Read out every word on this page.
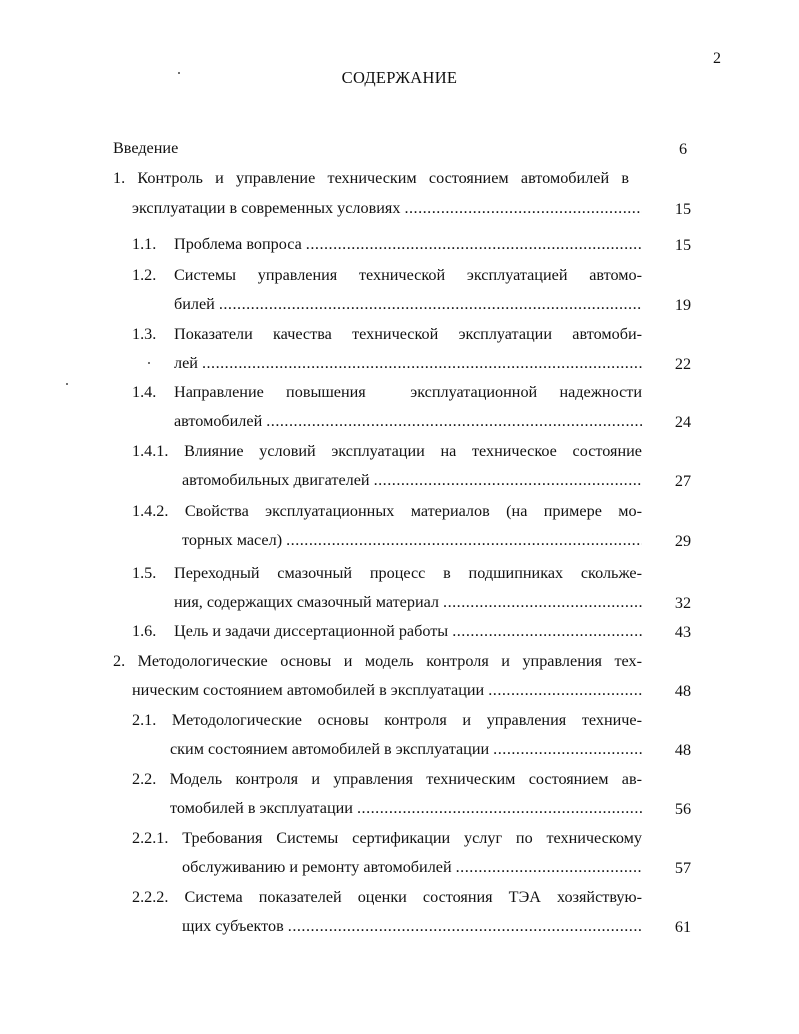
2
СОДЕРЖАНИЕ
Введение	6
1. Контроль и управление техническим состоянием автомобилей в
эксплуатации в современных условиях .....	15
1.1. Проблема вопроса .....	15
1.2. Системы управления технической эксплуатацией автомо-
билей .....	19
1.3. Показатели качества технической эксплуатации автомоби-
лей .....	22
1.4. Направление повышения  эксплуатационной надежности
автомобилей .....	24
1.4.1. Влияние условий эксплуатации на техническое состояние
автомобильных двигателей .....	27
1.4.2. Свойства эксплуатационных материалов (на примере мо-
торных масел) .....	29
1.5. Переходный смазочный процесс в подшипниках скольже-
ния, содержащих смазочный материал .....	32
1.6. Цель и задачи диссертационной работы .....	43
2. Методологические основы и модель контроля и управления тех-
ническим состоянием автомобилей в эксплуатации .....	48
2.1. Методологические основы контроля и управления техниче-
ским состоянием автомобилей в эксплуатации .....	48
2.2. Модель контроля и управления техническим состоянием ав-
томобилей в эксплуатации .....	56
2.2.1. Требования Системы сертификации услуг по техническому
обслуживанию и ремонту автомобилей .....	57
2.2.2. Система показателей оценки состояния ТЭА хозяйствую-
щих субъектов .....	61
